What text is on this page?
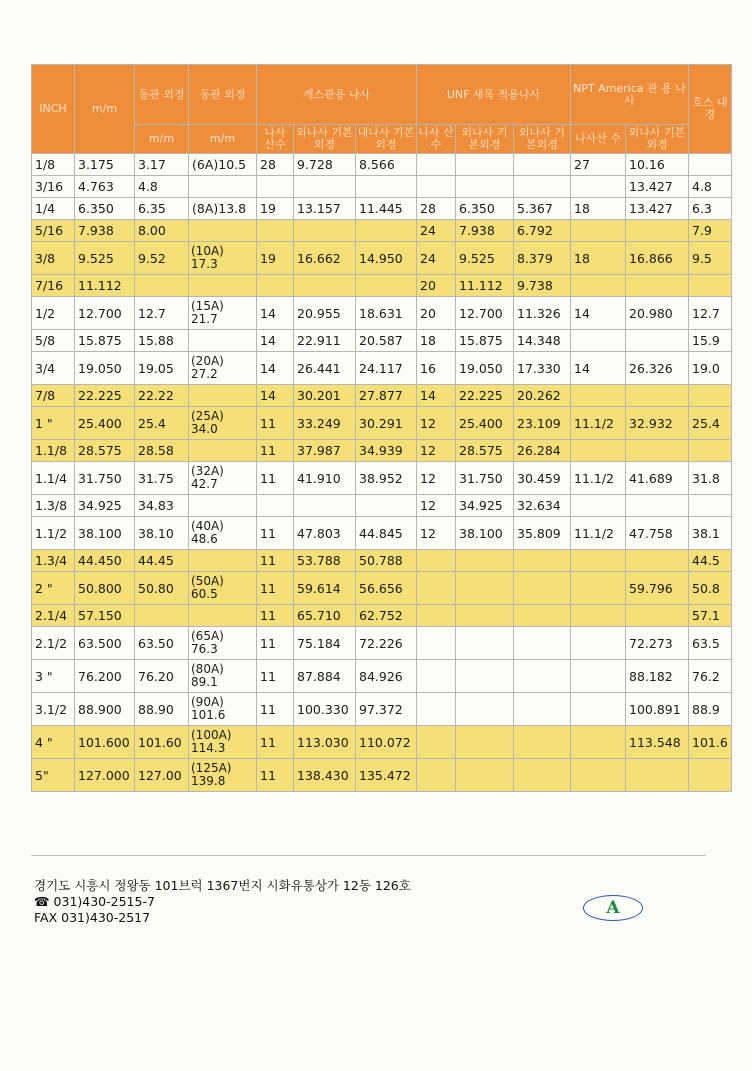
INCH	m/m	동관 외경	동관 외경	깨스관용 나사			UNF 세목 적용나사			NPT America 관 용 나 사		호스 내경
		m/m	m/m	나사 산수	외나사 기본외경	내나사 기본외경	나사 산수	외나사 기본외경	외나사 기본외경	나사산 수	외나사 기본외경	
1/8	3.175	3.17	(6A)10.5	28	9.728	8.566				27	10.16	
3/16	4.763	4.8									13.427	4.8
1/4	6.350	6.35	(8A)13.8	19	13.157	11.445	28	6.350	5.367	18	13.427	6.3
5/16	7.938	8.00					24	7.938	6.792			7.9
3/8	9.525	9.52	(10A) 17.3	19	16.662	14.950	24	9.525	8.379	18	16.866	9.5
7/16	11.112						20	11.112	9.738			
1/2	12.700	12.7	(15A) 21.7	14	20.955	18.631	20	12.700	11.326	14	20.980	12.7
5/8	15.875	15.88		14	22.911	20.587	18	15.875	14.348			15.9
3/4	19.050	19.05	(20A) 27.2	14	26.441	24.117	16	19.050	17.330	14	26.326	19.0
7/8	22.225	22.22		14	30.201	27.877	14	22.225	20.262			
1 "	25.400	25.4	(25A) 34.0	11	33.249	30.291	12	25.400	23.109	11.1/2	32.932	25.4
1.1/8	28.575	28.58		11	37.987	34.939	12	28.575	26.284			
1.1/4	31.750	31.75	(32A) 42.7	11	41.910	38.952	12	31.750	30.459	11.1/2	41.689	31.8
1.3/8	34.925	34.83					12	34.925	32.634			
1.1/2	38.100	38.10	(40A) 48.6	11	47.803	44.845	12	38.100	35.809	11.1/2	47.758	38.1
1.3/4	44.450	44.45		11	53.788	50.788						44.5
2 "	50.800	50.80	(50A) 60.5	11	59.614	56.656					59.796	50.8
2.1/4	57.150			11	65.710	62.752						57.1
2.1/2	63.500	63.50	(65A) 76.3	11	75.184	72.226					72.273	63.5
3 "	76.200	76.20	(80A) 89.1	11	87.884	84.926					88.182	76.2
3.1/2	88.900	88.90	(90A) 101.6	11	100.330	97.372					100.891	88.9
4 "	101.600	101.60	(100A) 114.3	11	113.030	110.072					113.548	101.6
5"	127.000	127.00	(125A) 139.8	11	138.430	135.472						
경기도 시흥시 정왕동 101브럭 1367번지 시화유통상가 12동 126호
☎ 031)430-2515-7
FAX 031)430-2517	A
